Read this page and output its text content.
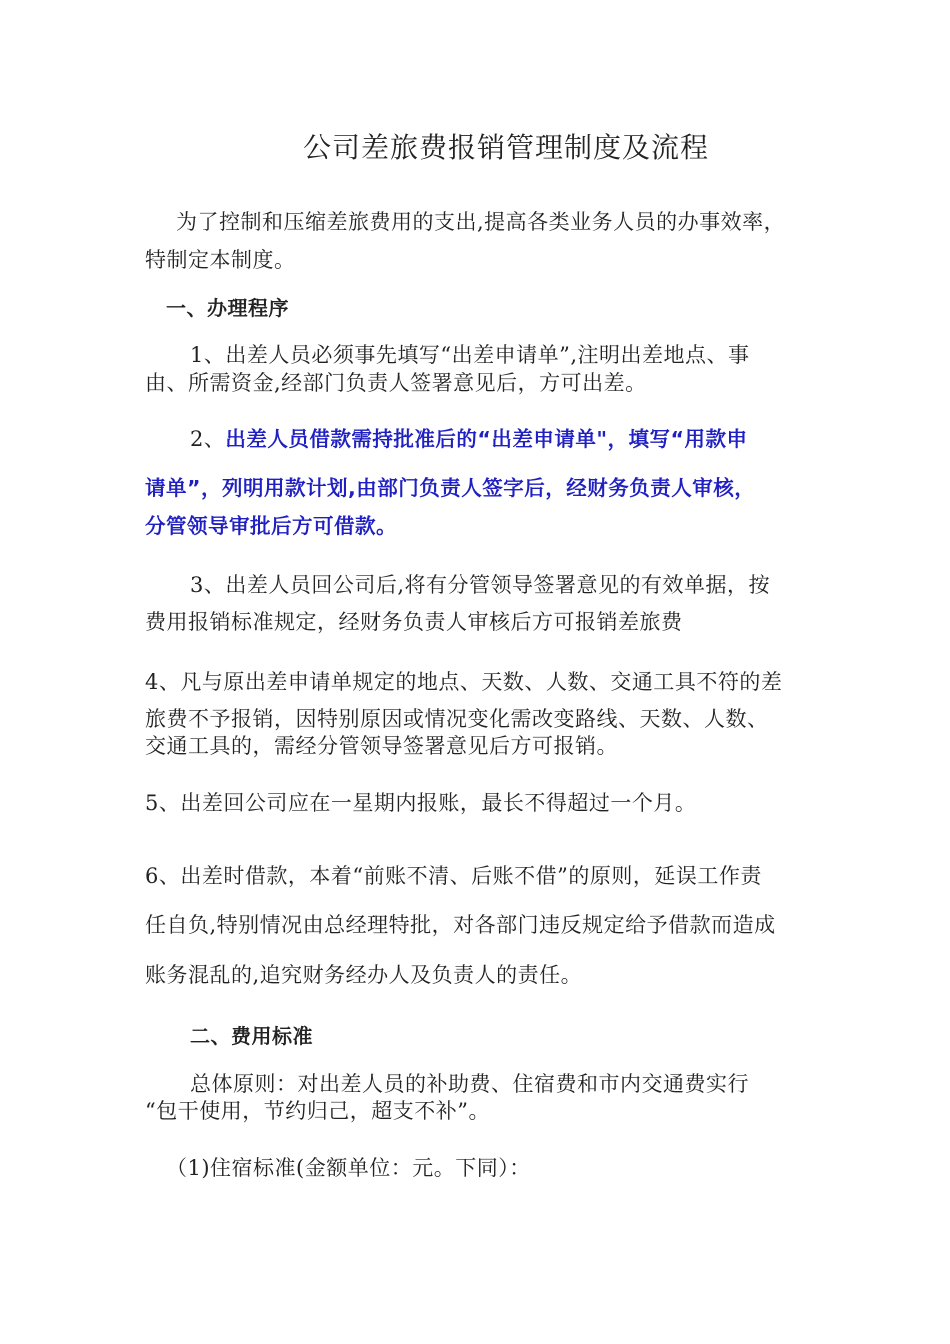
公司差旅费报销管理制度及流程
为了控制和压缩差旅费用的支出,提高各类业务人员的办事效率，
特制定本制度。
一、办理程序
1、出差人员必须事先填写“出差申请单”,注明出差地点、事
由、所需资金,经部门负责人签署意见后，方可出差。
2、出差人员借款需持批准后的“出差申请单"，填写“用款申
请单”，列明用款计划,由部门负责人签字后，经财务负责人审核，
分管领导审批后方可借款。
3、出差人员回公司后,将有分管领导签署意见的有效单据，按
费用报销标准规定，经财务负责人审核后方可报销差旅费
4、凡与原出差申请单规定的地点、天数、人数、交通工具不符的差
旅费不予报销，因特别原因或情况变化需改变路线、天数、人数、
交通工具的，需经分管领导签署意见后方可报销。
5、出差回公司应在一星期内报账，最长不得超过一个月。
6、出差时借款，本着“前账不清、后账不借”的原则，延误工作责
任自负,特别情况由总经理特批，对各部门违反规定给予借款而造成
账务混乱的,追究财务经办人及负责人的责任。
二、费用标准
总体原则：对出差人员的补助费、住宿费和市内交通费实行
“包干使用，节约归己，超支不补”。
（1)住宿标准(金额单位：元。下同）：
